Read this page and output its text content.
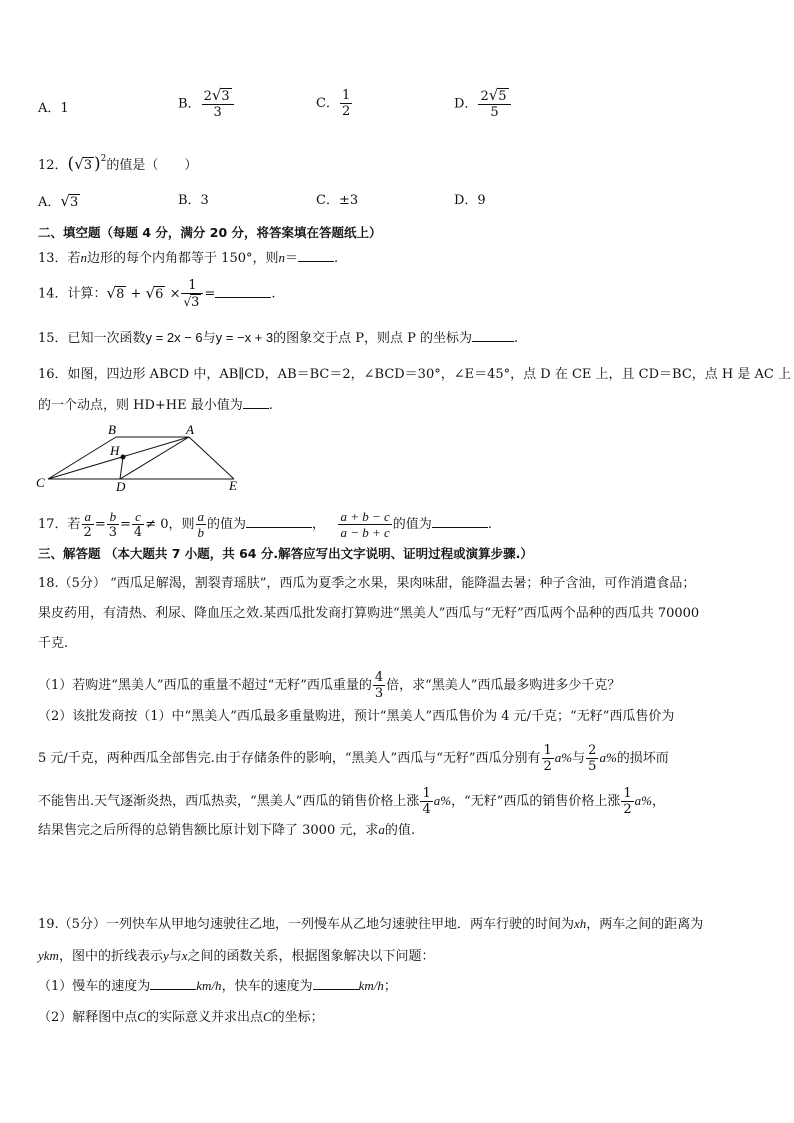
A．1	B． $\frac{2√3}{3}$	C． $\frac{1}{2}$	D． $\frac{2√5}{5}$
12．(√3 )$^2$的值是（　　）
A．√3	B．3	C．±3	D．9
二、填空题（每题 4 分，满分 20 分，将答案填在答题纸上）
13．若n边形的每个内角都等于 150°，则n＝	.
14．计算：$√8 + √6 \times \frac{1}{√3}$ =	.
15．已知一次函数y = 2x − 6与y = −x + 3的图象交于点 P，则点 P 的坐标为	.
16．如图，四边形 ABCD 中，AB∥CD，AB＝BC＝2，∠BCD＝30°，∠E＝45°，点 D 在 CE 上，且 CD＝BC，点 H 是 AC 上
的一个动点，则 HD+HE 最小值为 .
B	A
H
C	D	E
17．若 $\frac{a}{2} = \frac{b}{3} = \frac{c}{4} \ne 0$，则 $\frac{a}{b}$ 的值为	， $\frac{a + b - c}{a - b + c}$ 的值为	.
三、解答题 （本大题共 7 小题，共 64 分.解答应写出文字说明、证明过程或演算步骤.）
18.（5分） “西瓜足解渴，割裂青瑶肤”，西瓜为夏季之水果，果肉味甜，能降温去暑；种子含油，可作消遣食品；
果皮药用，有清热、利尿、降血压之效.某西瓜批发商打算购进“黑美人”西瓜与“无籽”西瓜两个品种的西瓜共 70000
千克.
（1）若购进“黑美人”西瓜的重量不超过“无籽”西瓜重量的 $\frac{4}{3}$ 倍，求“黑美人”西瓜最多购进多少千克？
（2）该批发商按（1）中“黑美人”西瓜最多重量购进，预计“黑美人”西瓜售价为 4 元/千克；“无籽”西瓜售价为
5 元/千克，两种西瓜全部售完.由于存储条件的影响，“黑美人”西瓜与“无籽”西瓜分别有 $\frac{1}{2} a\%$与 $\frac{2}{5} a\%$的损坏而
不能售出.天气逐渐炎热，西瓜热卖，“黑美人”西瓜的销售价格上涨 $\frac{1}{4} a\%$，“无籽”西瓜的销售价格上涨 $\frac{1}{2} a\%$，
结果售完之后所得的总销售额比原计划下降了 3000 元，求a的值.
19.（5分）一列快车从甲地匀速驶往乙地，一列慢车从乙地匀速驶往甲地．两车行驶的时间为xh，两车之间的距离为
ykm，图中的折线表示y与x之间的函数关系，根据图象解决以下问题：
（1）慢车的速度为	km/h，快车的速度为	km/h；
（2）解释图中点C的实际意义并求出点C的坐标；
